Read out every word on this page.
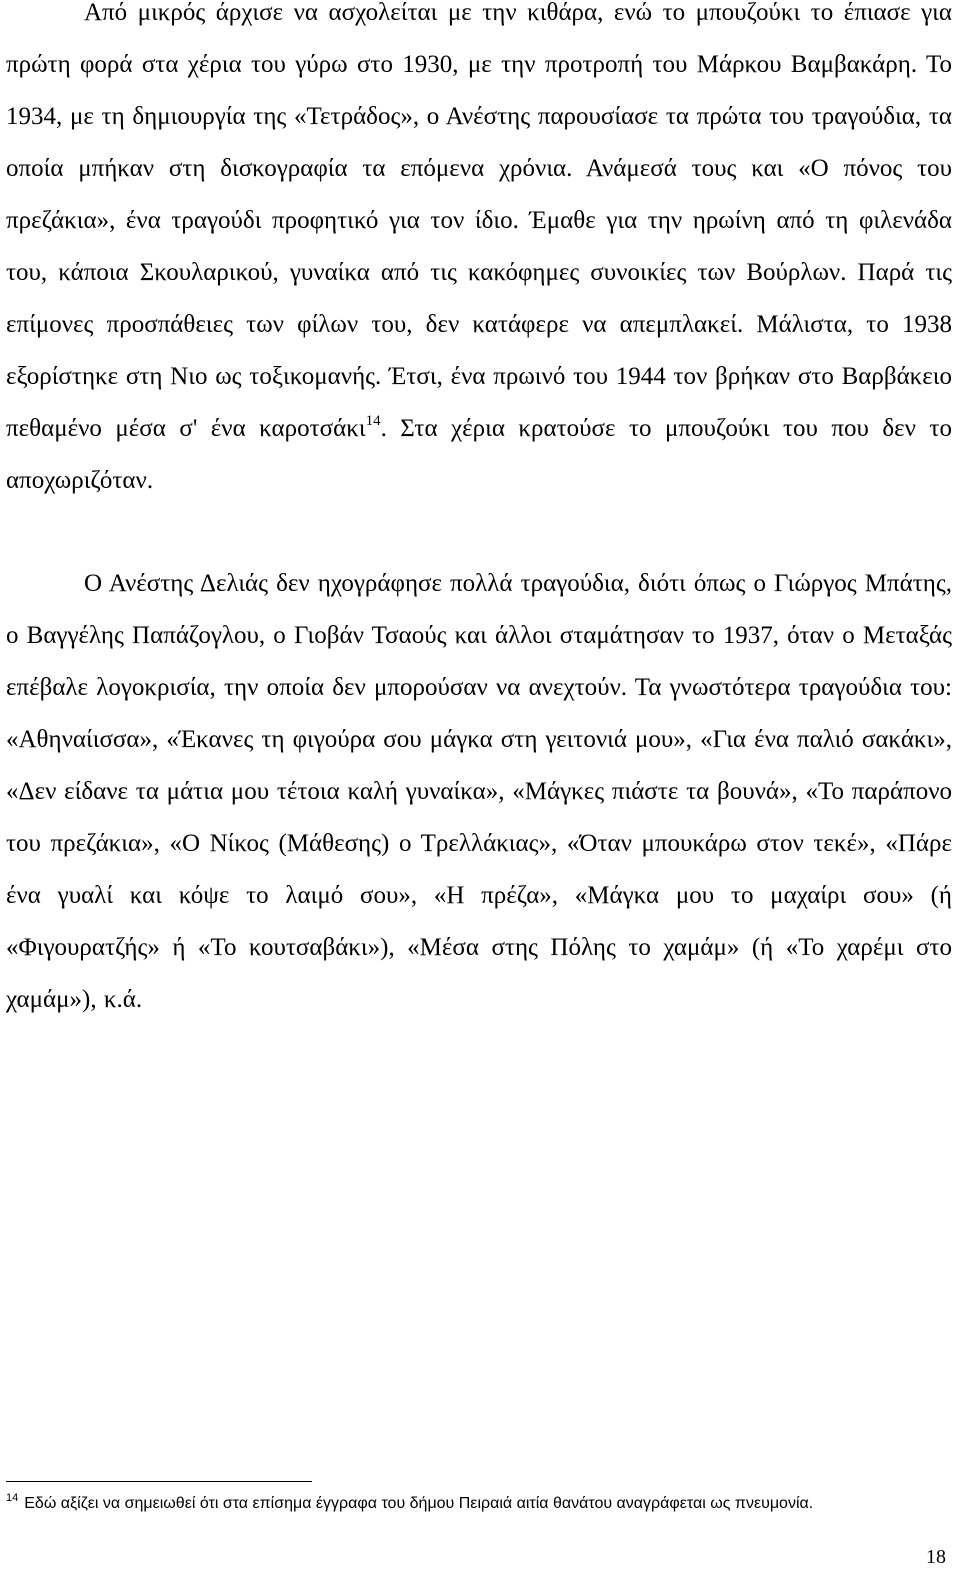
Από μικρός άρχισε να ασχολείται με την κιθάρα, ενώ το μπουζούκι το έπιασε για πρώτη φορά στα χέρια του γύρω στο 1930, με την προτροπή του Μάρκου Βαμβακάρη. Το 1934, με τη δημιουργία της «Τετράδος», ο Ανέστης παρουσίασε τα πρώτα του τραγούδια, τα οποία μπήκαν στη δισκογραφία τα επόμενα χρόνια. Ανάμεσά τους και «Ο πόνος του πρεζάκια», ένα τραγούδι προφητικό για τον ίδιο. Έμαθε για την ηρωίνη από τη φιλενάδα του, κάποια Σκουλαρικού, γυναίκα από τις κακόφημες συνοικίες των Βούρλων. Παρά τις επίμονες προσπάθειες των φίλων του, δεν κατάφερε να απεμπλακεί. Μάλιστα, το 1938 εξορίστηκε στη Νιο ως τοξικομανής. Έτσι, ένα πρωινό του 1944 τον βρήκαν στο Βαρβάκειο πεθαμένο μέσα σ' ένα καροτσάκι$^{14}$. Στα χέρια κρατούσε το μπουζούκι του που δεν το αποχωριζόταν.

Ο Ανέστης Δελιάς δεν ηχογράφησε πολλά τραγούδια, διότι όπως ο Γιώργος Μπάτης, ο Βαγγέλης Παπάζογλου, ο Γιοβάν Τσαούς και άλλοι σταμάτησαν το 1937, όταν ο Μεταξάς επέβαλε λογοκρισία, την οποία δεν μπορούσαν να ανεχτούν. Τα γνωστότερα τραγούδια του: «Αθηναίισσα», «Έκανες τη φιγούρα σου μάγκα στη γειτονιά μου», «Για ένα παλιό σακάκι», «Δεν είδανε τα μάτια μου τέτοια καλή γυναίκα», «Μάγκες πιάστε τα βουνά», «Το παράπονο του πρεζάκια», «Ο Νίκος (Μάθεσης) ο Τρελλάκιας», «Όταν μπουκάρω στον τεκέ», «Πάρε ένα γυαλί και κόψε το λαιμό σου», «Η πρέζα», «Μάγκα μου το μαχαίρι σου» (ή «Φιγουρατζής» ή «Το κουτσαβάκι»), «Μέσα στης Πόλης το χαμάμ» (ή «Το χαρέμι στο χαμάμ»), κ.ά.

$^{14}$ Εδώ αξίζει να σημειωθεί ότι στα επίσημα έγγραφα του δήμου Πειραιά αιτία θανάτου αναγράφεται ως πνευμονία.

18
